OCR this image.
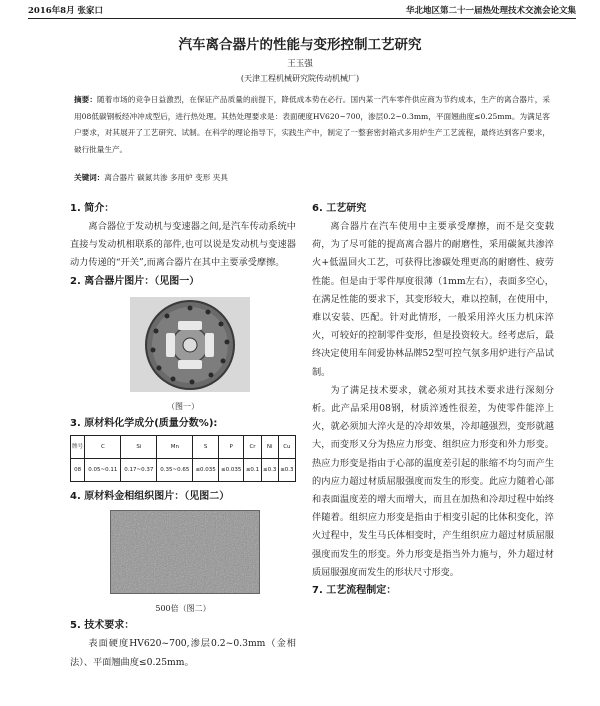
2016年8月 张家口	华北地区第二十一届热处理技术交流会论文集
汽车离合器片的性能与变形控制工艺研究
王玉强
(天津工程机械研究院传动机械厂)
摘要：随着市场的竞争日益激烈，在保证产品质量的前提下，降低成本势在必行。国内某一汽车零件供应商为节约成本，生产的离合器片，采用08低碳钢板经冲冲成型后，进行热处理。其热处理要求是：表面硬度HV620~700，渗层0.2~0.3mm，平面翘曲度≤0.25mm。为满足客户要求，对其展开了工艺研究、试制。在科学的理论指导下，实践生产中，制定了一整套密封箱式多用炉生产工艺流程，最终达到客户要求，破行批量生产。
关键词：离合器片 碳氮共渗 多用炉 变形 夹具
1. 简介：

离合器位于发动机与变速器之间,是汽车传动系统中直接与发动机相联系的部件,也可以说是发动机与变速器动力传递的“开关”,而离合器片在其中主要承受摩擦。

2. 离合器片图片：（见图一）
（图一）
3. 原材料化学成分(质量分数%):
牌号	C	Si	Mn	S	P	Cr	Ni	Cu
08	0.05~0.11	0.17~0.37	0.35~0.65	≤0.035	≤0.035	≤0.1	≤0.3	≤0.3
4. 原材料金相组织图片：（见图二）
500倍（图二）
5. 技术要求：

表面硬度HV620~700,渗层0.2~0.3mm（金相法）、平面翘曲度≤0.25mm。

6. 工艺研究

离合器片在汽车使用中主要承受摩擦，而不是交变载荷，为了尽可能的提高离合器片的耐磨性，采用碳氮共渗淬火+低温回火工艺，可获得比渗碳处理更高的耐磨性、疲劳性能。但是由于零件厚度很薄（1mm左右），表面多空心，在满足性能的要求下，其变形较大，难以控制，在使用中，难以安装、匹配。针对此情形，一般采用淬火压力机床淬火，可较好的控制零件变形，但是投资较大。经考虑后，最终决定使用车间爱协林品牌52型可控气氛多用炉进行产品试制。

为了满足技术要求，就必须对其技术要求进行深刻分析。此产品采用08钢，材质淬透性很差，为使零件能淬上火，就必须加大淬火是的冷却效果，冷却越强烈，变形就越大，而变形又分为热应力形变、组织应力形变和外力形变。热应力形变是指由于心部的温度差引起的胀缩不均匀而产生的内应力超过材质屈服强度而发生的形变。此应力随着心部和表面温度差的增大而增大，而且在加热和冷却过程中始终伴随着。组织应力形变是指由于相变引起的比体积变化，淬火过程中，发生马氏体相变时，产生组织应力超过材质屈服强度而发生的形变。外力形变是指当外力施与，外力超过材质屈服强度而发生的形状尺寸形变。

7. 工艺流程制定：
